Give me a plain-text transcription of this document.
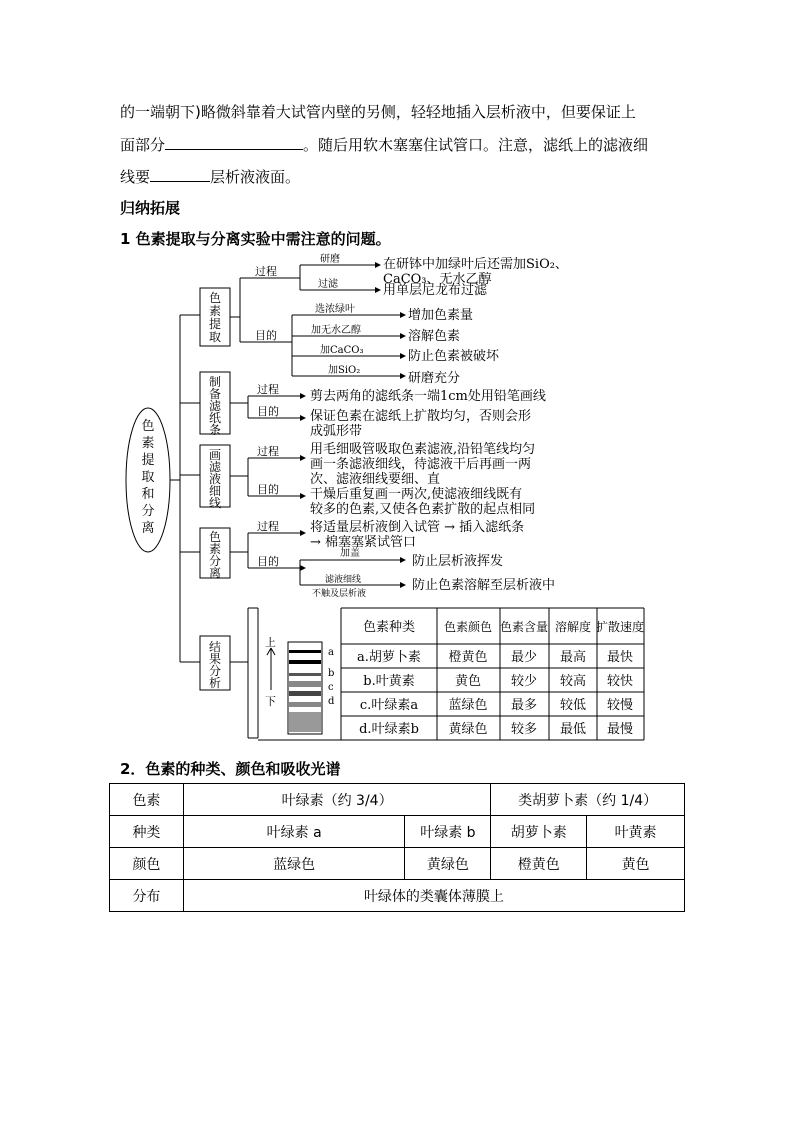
的一端朝下)略微斜靠着大试管内壁的另侧，轻轻地插入层析液中，但要保证上
面部分	。随后用软木塞塞住试管口。注意，滤纸上的滤液细
线要	层析液液面。
归纳拓展
1 色素提取与分离实验中需注意的问题。
色
素
提
取
和
分
离
色
素
提
取
制
备
滤
纸
条
画
滤
液
细
线
色
素
分
离
结
果
分
析
过程
目的
研磨	在研钵中加绿叶后还需加SiO₂、
CaCO₃、无水乙醇
过滤	用单层尼龙布过滤
选浓绿叶	增加色素量
加无水乙醇	溶解色素
加CaCO₃	防止色素被破坏
加SiO₂
研磨充分
过程 剪去两角的滤纸条一端1cm处用铅笔画线
目的 保证色素在滤纸上扩散均匀，否则会形
成弧形带
过程 用毛细吸管吸取色素滤液,沿铅笔线均匀
画一条滤液细线，待滤液干后再画一两
次、滤液细线要细、直
目的 干燥后重复画一两次,使滤液细线既有
较多的色素,又使各色素扩散的起点相同
过程 将适量层析液倒入试管 → 插入滤纸条
→ 棉塞塞紧试管口
目的
加盖
防止层析液挥发
滤液细线
不触及层析液
防止色素溶解至层析液中
上
下
a
b
c
d
色素种类 色素颜色 色素含量 溶解度 扩散速度
a.胡萝卜素 橙黄色 最少 最高 最快
b.叶黄素	黄色 较少 较高 较快
c.叶绿素a 蓝绿色 最多 较低 较慢
d.叶绿素b 黄绿色 较多 最低 最慢
2．色素的种类、颜色和吸收光谱
色素	叶绿素（约 3/4）		类胡萝卜素（约 1/4）	
种类	叶绿素 a	叶绿素 b	胡萝卜素	叶黄素
颜色	蓝绿色	黄绿色	橙黄色	黄色
分布	叶绿体的类囊体薄膜上			
